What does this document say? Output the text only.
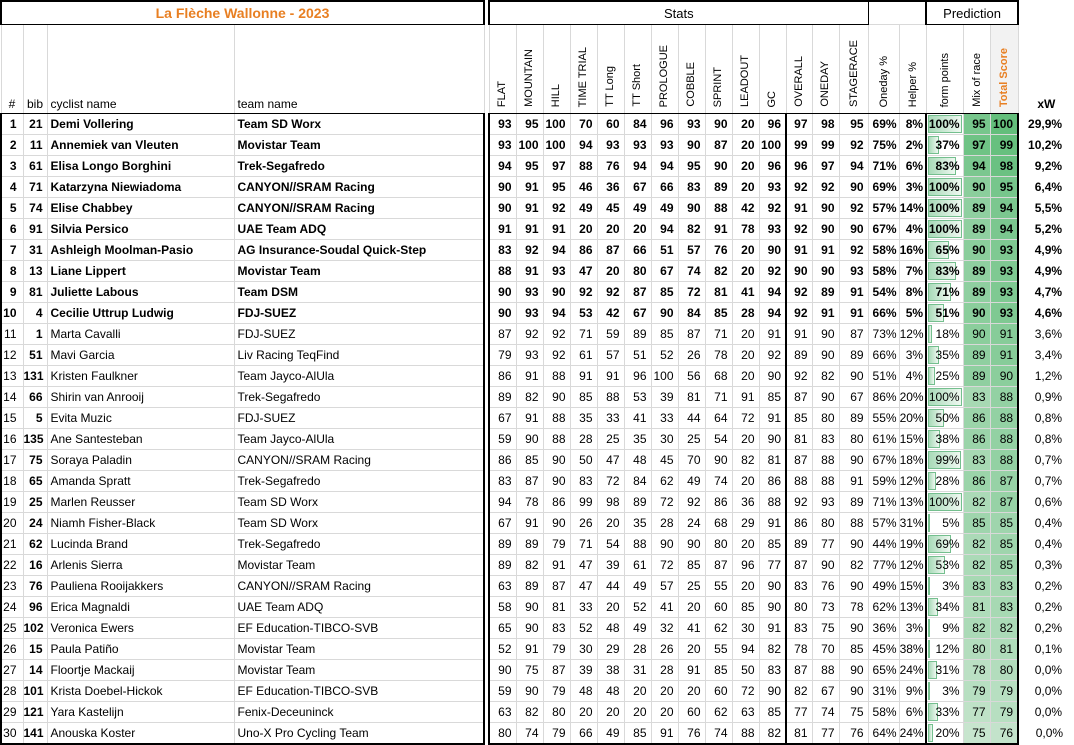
La Flèche Wallonne - 2023					Stats																Prediction			
#	bib	cyclist name	team name		FLAT	MOUNTAIN	HILL	TIME TRIAL	TT Long	TT Short	PROLOGUE	COBBLE	SPRINT	LEADOUT	GC	OVERALL	ONEDAY	STAGERACE	Oneday %	Helper %	form points	Mix of race	Total Score	xW
1	21	Demi Vollering	Team SD Worx		93	95	100	70	60	84	96	93	90	20	96	97	98	95	69%	8%	100%	95	100	29,9%
2	11	Annemiek van Vleuten	Movistar Team		93	100	100	94	93	93	93	90	87	20	100	99	99	92	75%	2%	37%	97	99	10,2%
3	61	Elisa Longo Borghini	Trek-Segafredo		94	95	97	88	76	94	94	95	90	20	96	96	97	94	71%	6%	83%	94	98	9,2%
4	71	Katarzyna Niewiadoma	CANYON//SRAM Racing		90	91	95	46	36	67	66	83	89	20	93	92	92	90	69%	3%	100%	90	95	6,4%
5	74	Elise Chabbey	CANYON//SRAM Racing		90	91	92	49	45	49	49	90	88	42	92	91	90	92	57%	14%	100%	89	94	5,5%
6	91	Silvia Persico	UAE Team ADQ		91	91	91	20	20	20	94	82	91	78	93	92	90	90	67%	4%	100%	89	94	5,2%
7	31	Ashleigh Moolman-Pasio	AG Insurance-Soudal Quick-Step		83	92	94	86	87	66	51	57	76	20	90	91	91	92	58%	16%	65%	90	93	4,9%
8	13	Liane Lippert	Movistar Team		88	91	93	47	20	80	67	74	82	20	92	90	90	93	58%	7%	83%	89	93	4,9%
9	81	Juliette Labous	Team DSM		90	93	90	92	92	87	85	72	81	41	94	92	89	91	54%	8%	71%	89	93	4,7%
10	4	Cecilie Uttrup Ludwig	FDJ-SUEZ		90	93	94	53	42	67	90	84	85	28	94	92	91	91	66%	5%	51%	90	93	4,6%
11	1	Marta Cavalli	FDJ-SUEZ		87	92	92	71	59	89	85	87	71	20	91	91	90	87	73%	12%	18%	90	91	3,6%
12	51	Mavi Garcia	Liv Racing TeqFind		79	93	92	61	57	51	52	26	78	20	92	89	90	89	66%	3%	35%	89	91	3,4%
13	131	Kristen Faulkner	Team Jayco-AlUla		86	91	88	91	91	96	100	56	68	20	90	92	82	90	51%	4%	25%	89	90	1,2%
14	66	Shirin van Anrooij	Trek-Segafredo		89	82	90	85	88	53	39	81	71	91	85	87	90	67	86%	20%	100%	83	88	0,9%
15	5	Evita Muzic	FDJ-SUEZ		67	91	88	35	33	41	33	44	64	72	91	85	80	89	55%	20%	50%	86	88	0,8%
16	135	Ane Santesteban	Team Jayco-AlUla		59	90	88	28	25	35	30	25	54	20	90	81	83	80	61%	15%	38%	86	88	0,8%
17	75	Soraya Paladin	CANYON//SRAM Racing		86	85	90	50	47	48	45	70	90	82	81	87	88	90	67%	18%	99%	83	88	0,7%
18	65	Amanda Spratt	Trek-Segafredo		83	87	90	83	72	84	62	49	74	20	86	88	88	91	59%	12%	28%	86	87	0,7%
19	25	Marlen Reusser	Team SD Worx		94	78	86	99	98	89	72	92	86	36	88	92	93	89	71%	13%	100%	82	87	0,6%
20	24	Niamh Fisher-Black	Team SD Worx		67	91	90	26	20	35	28	24	68	29	91	86	80	88	57%	31%	5%	85	85	0,4%
21	62	Lucinda Brand	Trek-Segafredo		89	89	79	71	54	88	90	90	80	20	85	89	77	90	44%	19%	69%	82	85	0,4%
22	16	Arlenis Sierra	Movistar Team		89	82	91	47	39	61	72	85	87	96	77	87	90	82	77%	12%	53%	82	85	0,3%
23	76	Pauliena Rooijakkers	CANYON//SRAM Racing		63	89	87	47	44	49	57	25	55	20	90	83	76	90	49%	15%	3%	83	83	0,2%
24	96	Erica Magnaldi	UAE Team ADQ		58	90	81	33	20	52	41	20	60	85	90	80	73	78	62%	13%	34%	81	83	0,2%
25	102	Veronica Ewers	EF Education-TIBCO-SVB		65	90	83	52	48	49	32	41	62	30	91	83	75	90	36%	3%	9%	82	82	0,2%
26	15	Paula Patiño	Movistar Team		52	91	79	30	29	28	26	20	55	94	82	78	70	85	45%	38%	12%	80	81	0,1%
27	14	Floortje Mackaij	Movistar Team		90	75	87	39	38	31	28	91	85	50	83	87	88	90	65%	24%	31%	78	80	0,0%
28	101	Krista Doebel-Hickok	EF Education-TIBCO-SVB		59	90	79	48	48	20	20	20	60	72	90	82	67	90	31%	9%	3%	79	79	0,0%
29	121	Yara Kastelijn	Fenix-Deceuninck		63	82	80	20	20	20	20	60	62	63	85	77	74	75	58%	6%	33%	77	79	0,0%
30	141	Anouska Koster	Uno-X Pro Cycling Team		80	74	79	66	49	85	91	76	74	88	82	81	77	76	64%	24%	20%	75	76	0,0%
